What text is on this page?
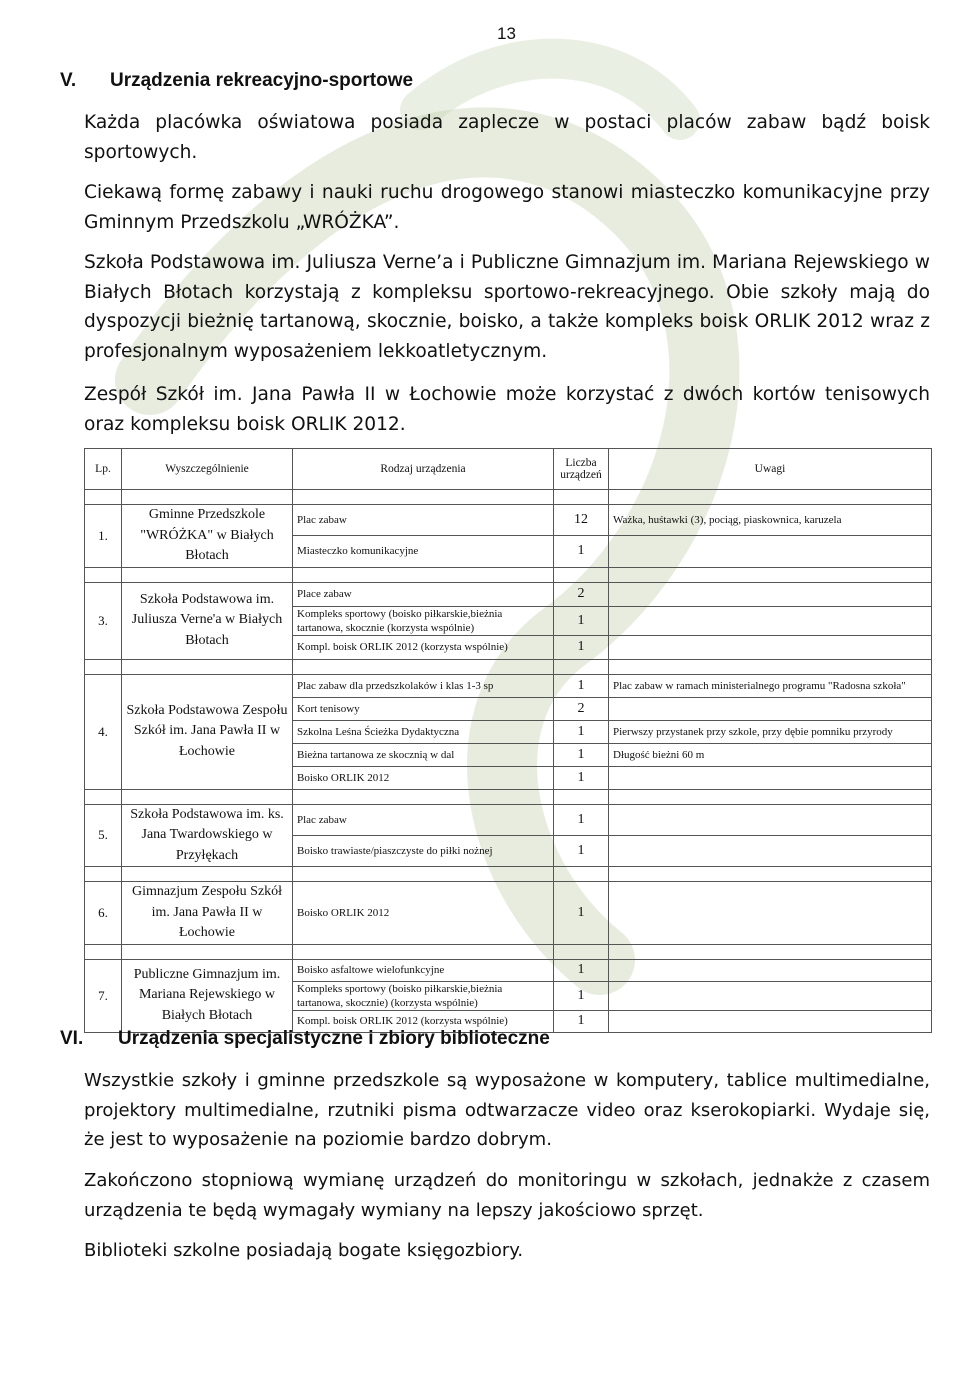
13
V. Urządzenia rekreacyjno-sportowe
Każda placówka oświatowa posiada zaplecze w postaci placów zabaw bądź boisk sportowych.
Ciekawą formę zabawy i nauki ruchu drogowego stanowi miasteczko komunikacyjne przy Gminnym Przedszkolu „WRÓŻKA”.
Szkoła Podstawowa im. Juliusza Verne’a i Publiczne Gimnazjum im. Mariana Rejewskiego w Białych Błotach korzystają z kompleksu sportowo-rekreacyjnego. Obie szkoły mają do dyspozycji bieżnię tartanową, skocznie, boisko, a także kompleks boisk ORLIK 2012 wraz z profesjonalnym wyposażeniem lekkoatletycznym.
Zespół Szkół im. Jana Pawła II w Łochowie może korzystać z dwóch kortów tenisowych oraz kompleksu boisk ORLIK 2012.
Lp.	Wyszczególnienie	Rodzaj urządzenia	Liczba urządzeń	Uwagi

1.	Gminne Przedszkole "WRÓŻKA" w Białych Błotach	Plac zabaw	12	Ważka, huśtawki (3), pociąg, piaskownica, karuzela
		Miasteczko komunikacyjne	1	

3.	Szkoła Podstawowa im. Juliusza Verne'a w Białych Błotach	Place zabaw	2	
		Kompleks sportowy (boisko piłkarskie,bieżnia tartanowa, skocznie (korzysta wspólnie)	1	
		Kompl. boisk ORLIK 2012 (korzysta wspólnie)	1	

4.	Szkoła Podstawowa Zespołu Szkół im. Jana Pawła II w Łochowie	Plac zabaw dla przedszkolaków i klas 1-3 sp	1	Plac zabaw w ramach ministerialnego programu "Radosna szkoła"
		Kort tenisowy	2	
		Szkolna Leśna Ścieżka Dydaktyczna	1	Pierwszy przystanek przy szkole, przy dębie pomniku przyrody
		Bieżna tartanowa ze skocznią w dal	1	Długość bieżni 60 m
		Boisko ORLIK 2012	1	

5.	Szkoła Podstawowa im. ks. Jana Twardowskiego w Przyłękach	Plac zabaw	1	
		Boisko trawiaste/piaszczyste do piłki nożnej	1	

6.	Gimnazjum Zespołu Szkół im. Jana Pawła II w Łochowie	Boisko ORLIK 2012	1	

7.	Publiczne Gimnazjum im. Mariana Rejewskiego w Białych Błotach	Boisko asfaltowe wielofunkcyjne	1	
		Kompleks sportowy (boisko piłkarskie,bieżnia tartanowa, skocznie) (korzysta wspólnie)	1	
		Kompl. boisk ORLIK 2012 (korzysta wspólnie)	1	
VI. Urządzenia specjalistyczne i zbiory biblioteczne
Wszystkie szkoły i gminne przedszkole są wyposażone w komputery, tablice multimedialne, projektory multimedialne, rzutniki pisma odtwarzacze video oraz kserokopiarki. Wydaje się, że jest to wyposażenie na poziomie bardzo dobrym.
Zakończono stopniową wymianę urządzeń do monitoringu w szkołach, jednakże z czasem urządzenia te będą wymagały wymiany na lepszy jakościowo sprzęt.
Biblioteki szkolne posiadają bogate księgozbiory.
